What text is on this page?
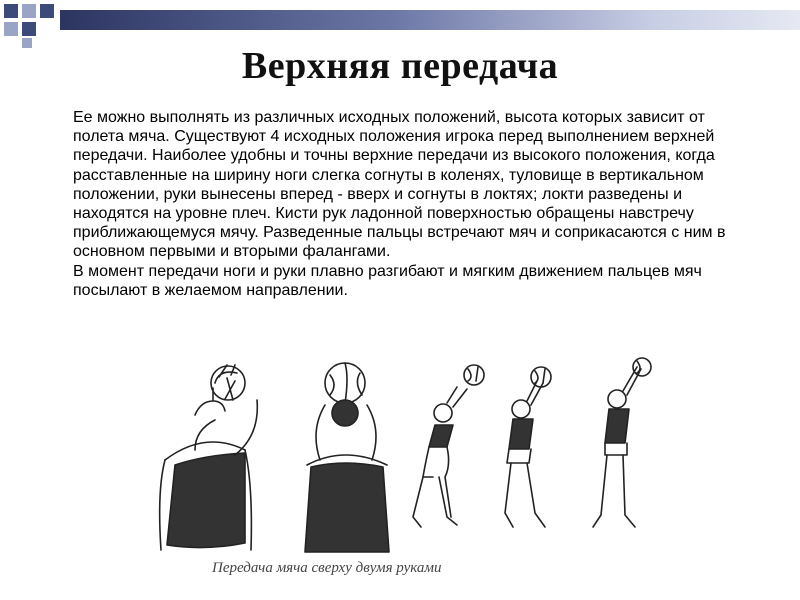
Верхняя передача
Ее можно выполнять из различных исходных положений, высота которых зависит от полета мяча. Существуют 4 исходных положения игрока перед выполнением верхней передачи. Наиболее удобны и точны верхние передачи из высокого положения, когда расставленные на ширину ноги слегка согнуты в коленях, туловище в вертикальном положении, руки вынесены вперед - вверх и согнуты в локтях; локти разведены и находятся на уровне плеч. Кисти рук ладонной поверхностью обращены навстречу приближающемуся мячу. Разведенные пальцы встречают мяч и соприкасаются с ним в основном первыми и вторыми фалангами.
В момент передачи ноги и руки плавно разгибают и мягким движением пальцев мяч посылают в желаемом направлении.
Передача мяча сверху двумя руками
